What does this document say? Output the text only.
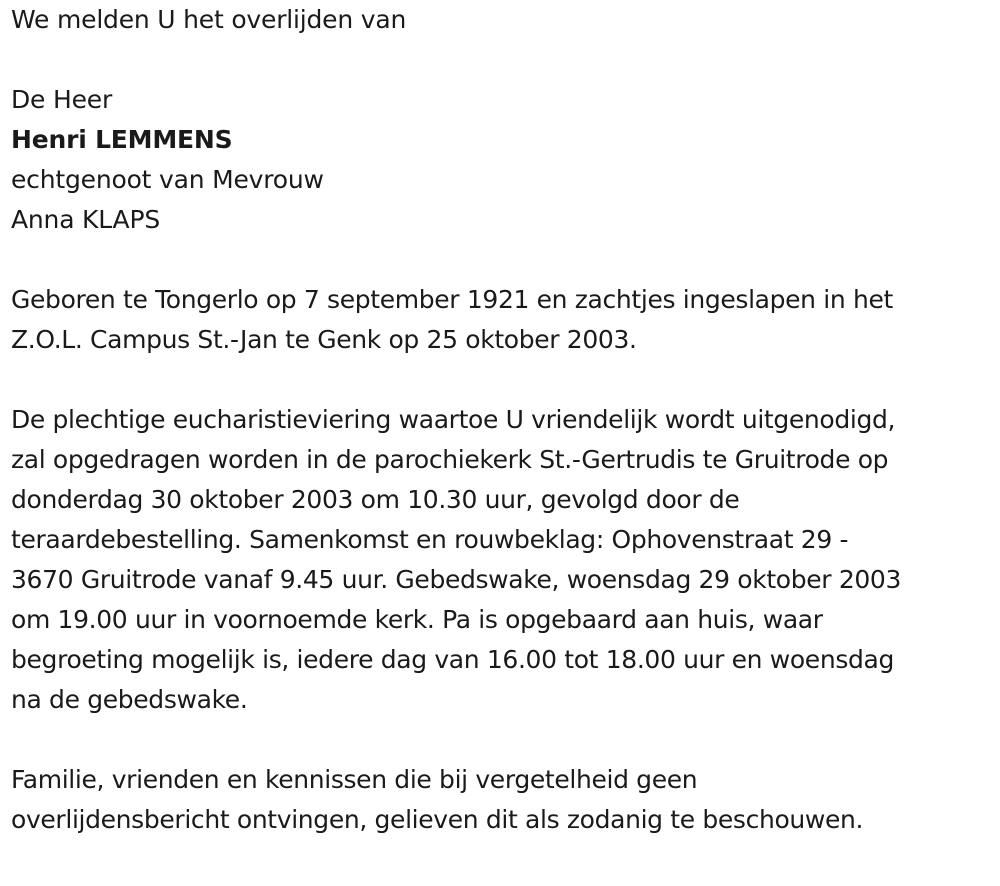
We melden U het overlijden van
De Heer
Henri LEMMENS
echtgenoot van Mevrouw
Anna KLAPS
Geboren te Tongerlo op 7 september 1921 en zachtjes ingeslapen in het
Z.O.L. Campus St.-Jan te Genk op 25 oktober 2003.
De plechtige eucharistieviering waartoe U vriendelijk wordt uitgenodigd,
zal opgedragen worden in de parochiekerk St.-Gertrudis te Gruitrode op
donderdag 30 oktober 2003 om 10.30 uur, gevolgd door de
teraardebestelling. Samenkomst en rouwbeklag: Ophovenstraat 29 -
3670 Gruitrode vanaf 9.45 uur. Gebedswake, woensdag 29 oktober 2003
om 19.00 uur in voornoemde kerk. Pa is opgebaard aan huis, waar
begroeting mogelijk is, iedere dag van 16.00 tot 18.00 uur en woensdag
na de gebedswake.
Familie, vrienden en kennissen die bij vergetelheid geen
overlijdensbericht ontvingen, gelieven dit als zodanig te beschouwen.
